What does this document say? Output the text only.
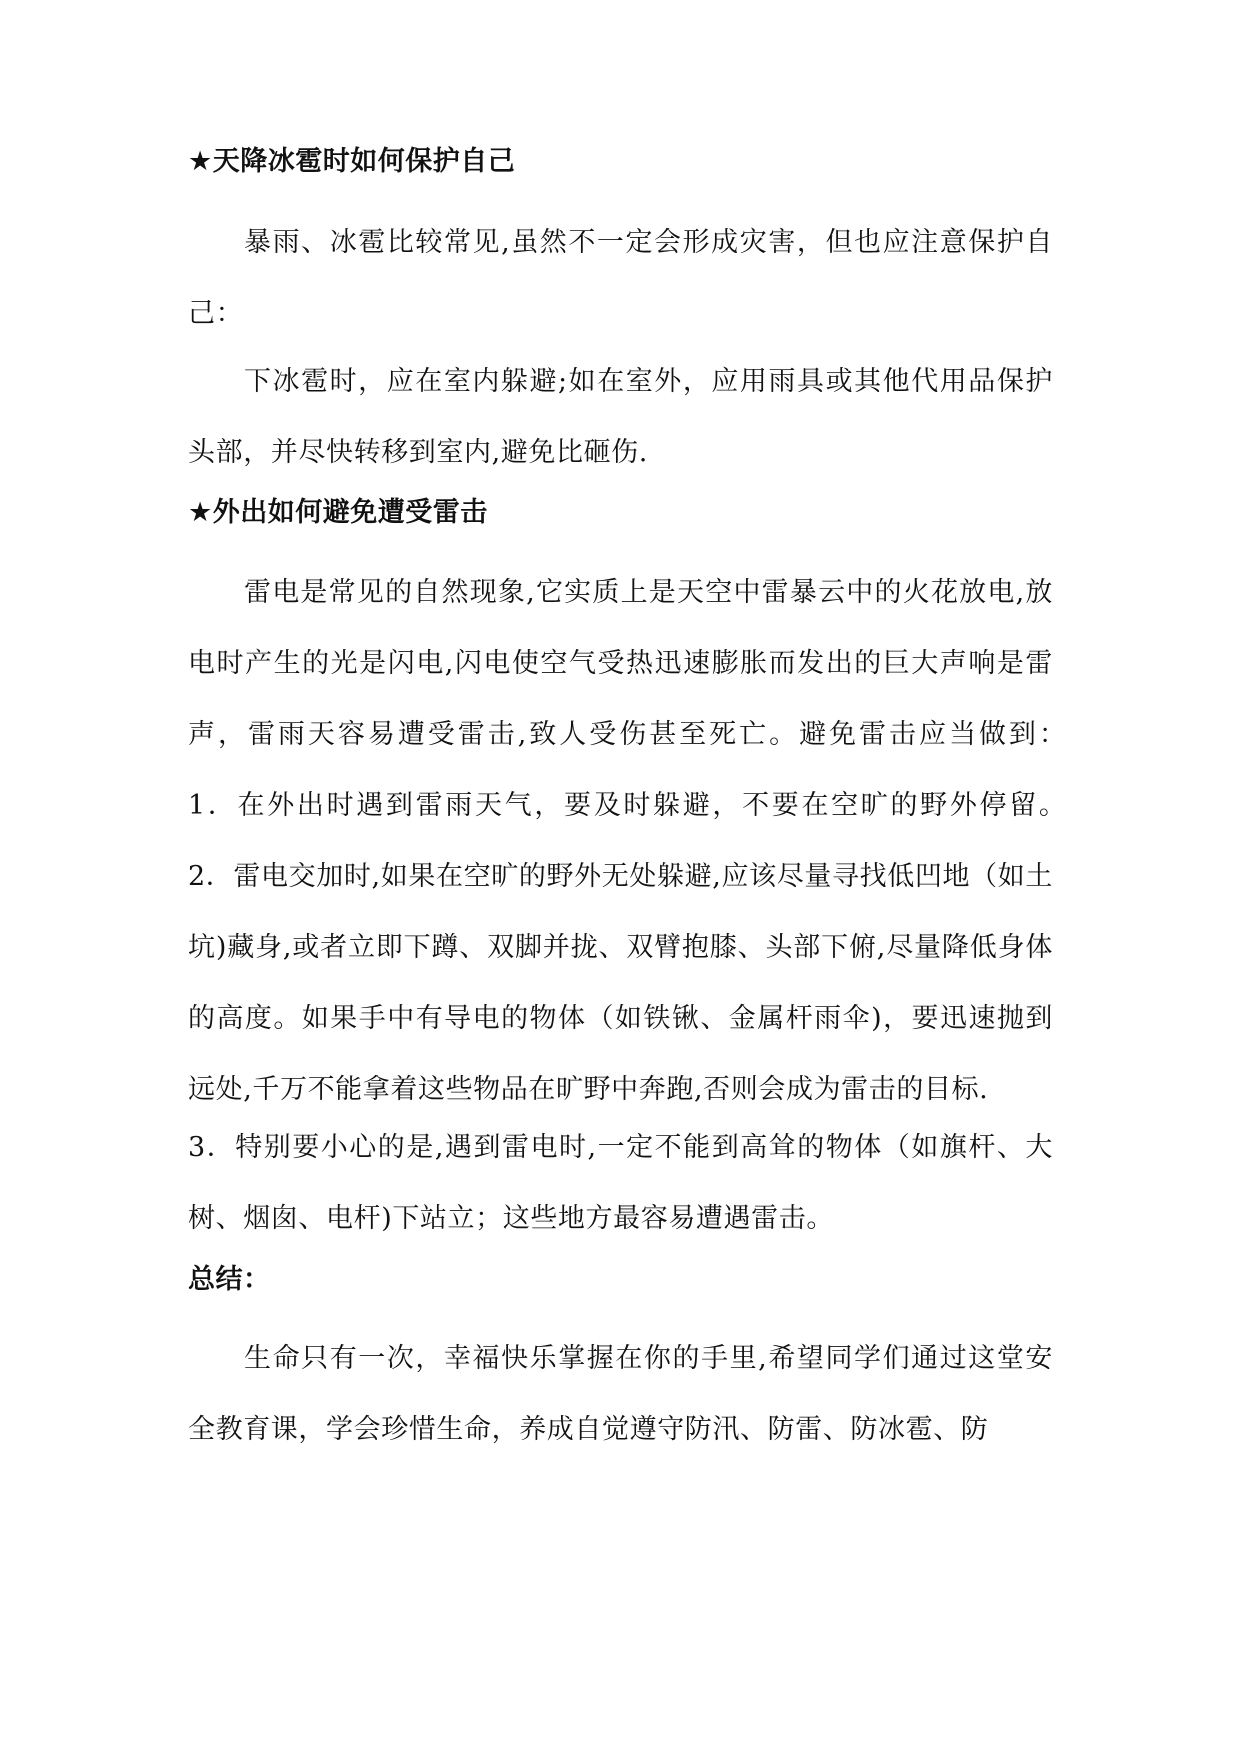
★天降冰雹时如何保护自己

暴雨、冰雹比较常见,虽然不一定会形成灾害，但也应注意保护自己：

下冰雹时，应在室内躲避;如在室外，应用雨具或其他代用品保护头部，并尽快转移到室内,避免比砸伤.

★外出如何避免遭受雷击

雷电是常见的自然现象,它实质上是天空中雷暴云中的火花放电,放电时产生的光是闪电,闪电使空气受热迅速膨胀而发出的巨大声响是雷声，雷雨天容易遭受雷击,致人受伤甚至死亡。避免雷击应当做到：　1．在外出时遇到雷雨天气，要及时躲避，不要在空旷的野外停留。　2．雷电交加时,如果在空旷的野外无处躲避,应该尽量寻找低凹地（如土坑)藏身,或者立即下蹲、双脚并拢、双臂抱膝、头部下俯,尽量降低身体的高度。如果手中有导电的物体（如铁锹、金属杆雨伞)，要迅速抛到远处,千万不能拿着这些物品在旷野中奔跑,否则会成为雷击的目标.

3．特别要小心的是,遇到雷电时,一定不能到高耸的物体（如旗杆、大树、烟囱、电杆)下站立；这些地方最容易遭遇雷击。

总结：

生命只有一次，幸福快乐掌握在你的手里,希望同学们通过这堂安全教育课，学会珍惜生命，养成自觉遵守防汛、防雷、防冰雹、防
